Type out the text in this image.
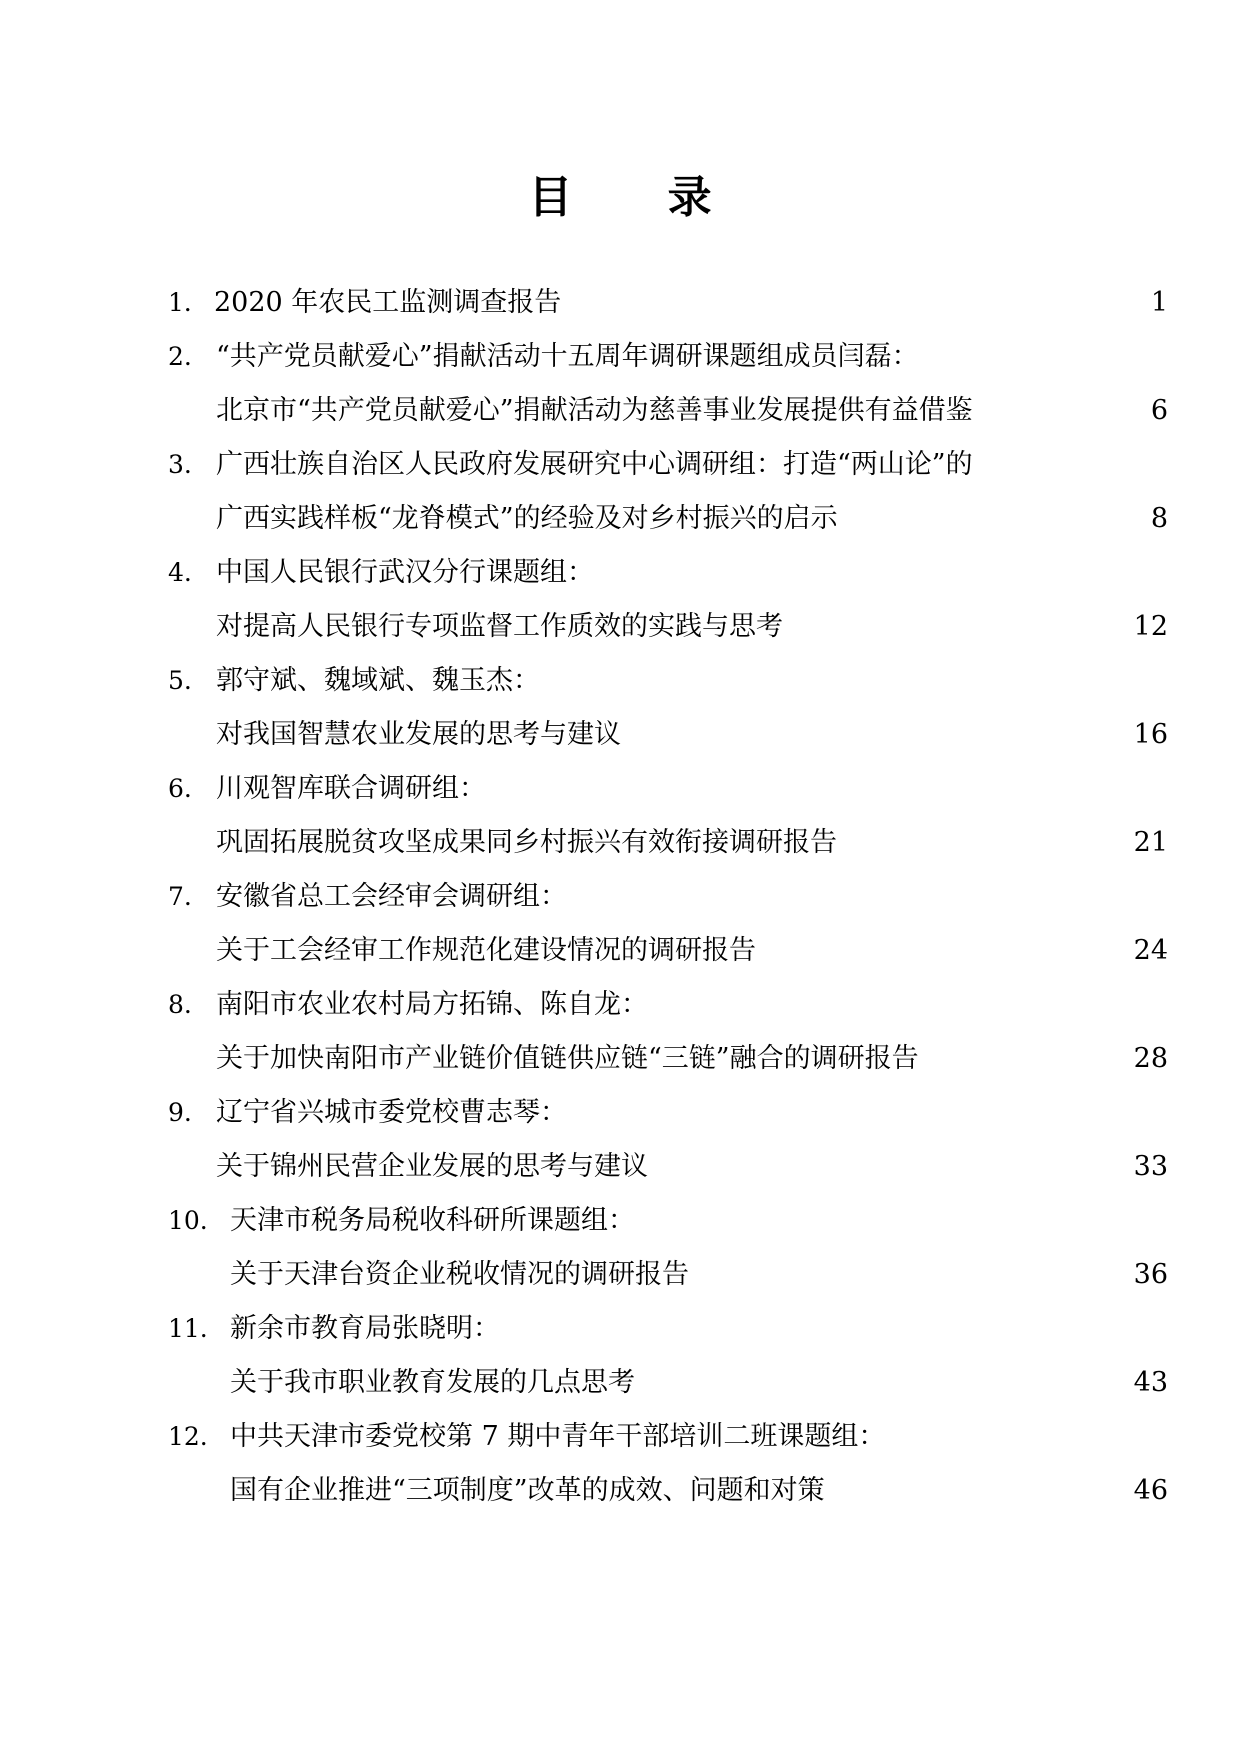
目 录
1． 2020 年农民工监测调查报告	1
2. “共产党员献爱心”捐献活动十五周年调研课题组成员闫磊：
北京市“共产党员献爱心”捐献活动为慈善事业发展提供有益借鉴	6
3. 广西壮族自治区人民政府发展研究中心调研组：打造“两山论”的
广西实践样板“龙脊模式”的经验及对乡村振兴的启示	8
4. 中国人民银行武汉分行课题组：
对提高人民银行专项监督工作质效的实践与思考	12
5. 郭守斌、魏域斌、魏玉杰：
对我国智慧农业发展的思考与建议	16
6. 川观智库联合调研组：
巩固拓展脱贫攻坚成果同乡村振兴有效衔接调研报告	21
7. 安徽省总工会经审会调研组：
关于工会经审工作规范化建设情况的调研报告	24
8. 南阳市农业农村局方拓锦、陈自龙：
关于加快南阳市产业链价值链供应链“三链”融合的调研报告	28
9. 辽宁省兴城市委党校曹志琴：
关于锦州民营企业发展的思考与建议	33
10. 天津市税务局税收科研所课题组：
关于天津台资企业税收情况的调研报告	36
11. 新余市教育局张晓明：
关于我市职业教育发展的几点思考	43
12. 中共天津市委党校第 7 期中青年干部培训二班课题组：
国有企业推进“三项制度”改革的成效、问题和对策	46
